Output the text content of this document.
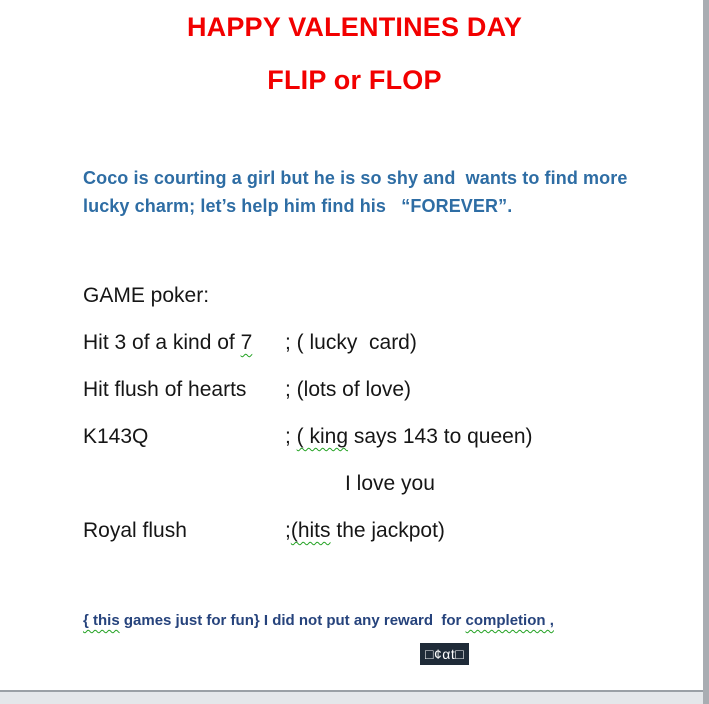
HAPPY VALENTINES DAY
FLIP or FLOP

Coco is courting a girl but he is so shy and  wants to find more
lucky charm; let’s help him find his   “FOREVER”.

GAME poker:

Hit 3 of a kind of 7 ; ( lucky  card)

Hit flush of hearts ; (lots of love)

K143Q	; ( king says 143 to queen)

I love you

Royal flush	;(hits the jackpot)

{ this games just for fun} I did not put any reward  for completion ,

□¢αt□
